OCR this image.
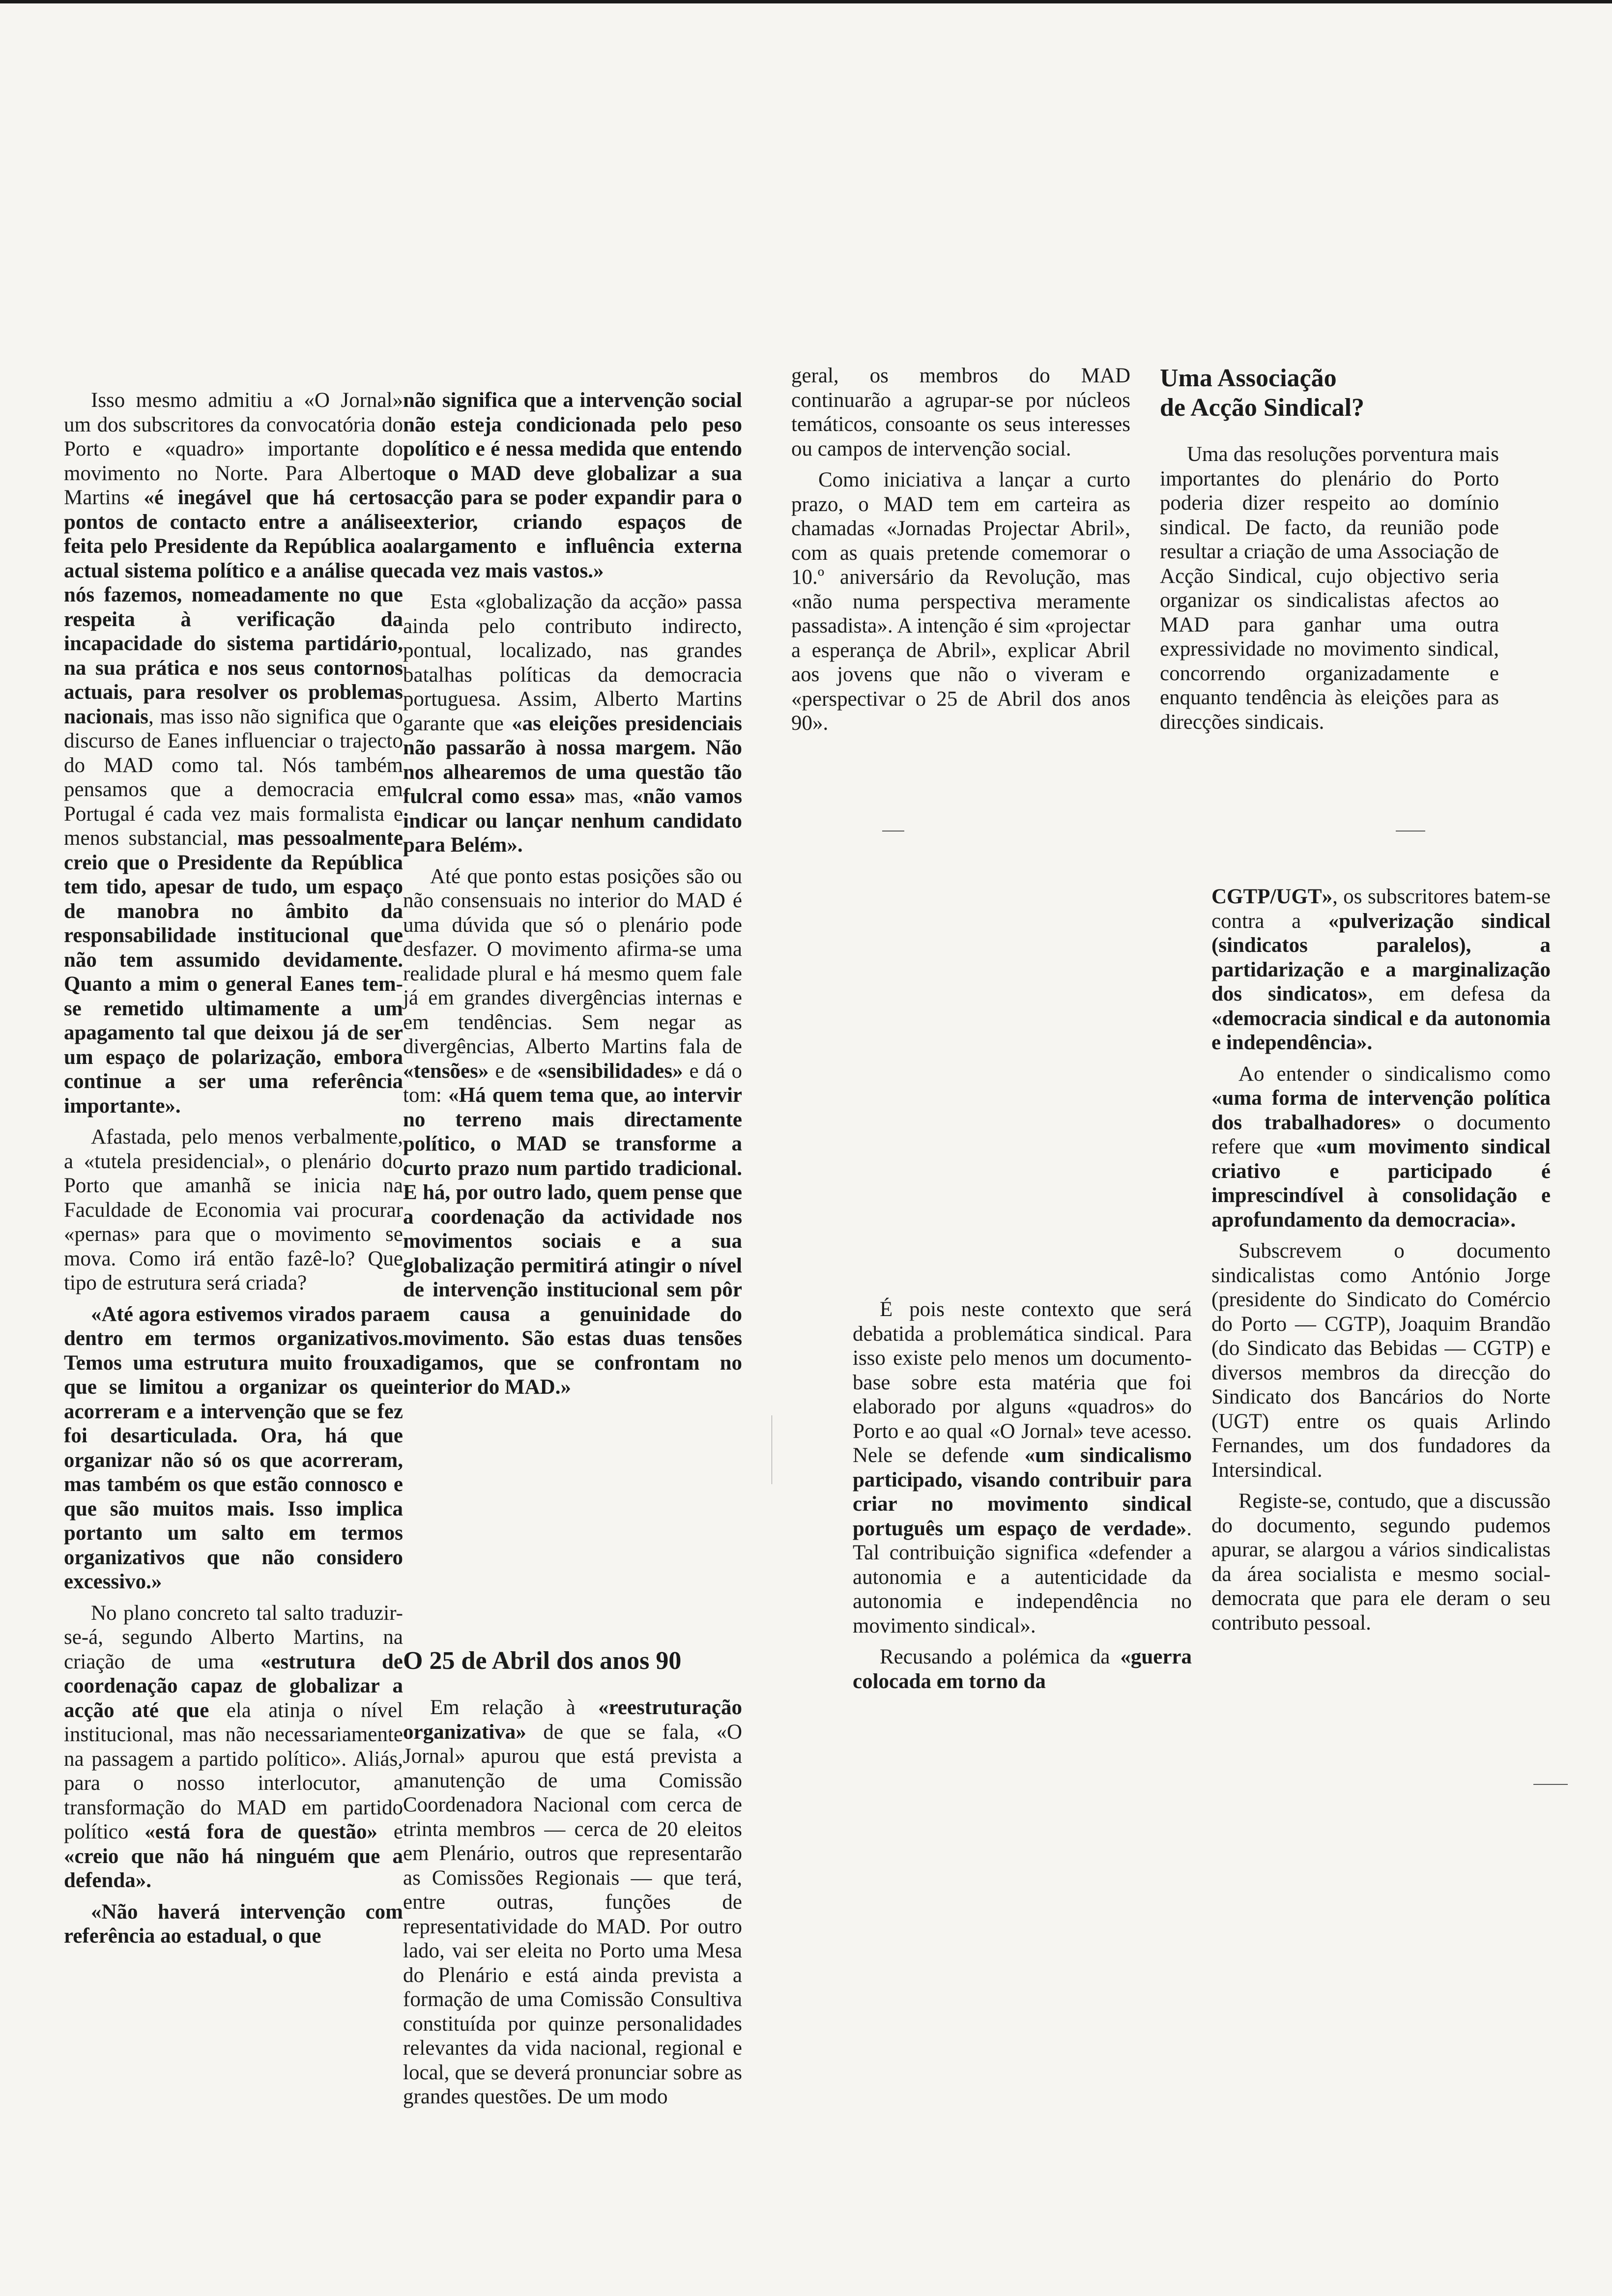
Isso mesmo admitiu a «O Jornal» um dos subscritores da convocatória do Porto e «quadro» importante do movimento no Norte. Para Alberto Martins «é inegável que há certos pontos de contacto entre a análise feita pelo Presidente da República ao actual sistema político e a análise que nós fazemos, nomeadamente no que respeita à verificação da incapacidade do sistema partidário, na sua prática e nos seus contornos actuais, para resolver os problemas nacionais, mas isso não significa que o discurso de Eanes influenciar o trajecto do MAD como tal. Nós também pensamos que a democracia em Portugal é cada vez mais formalista e menos substancial, mas pessoalmente creio que o Presidente da República tem tido, apesar de tudo, um espaço de manobra no âmbito da responsabilidade institucional que não tem assumido devidamente. Quanto a mim o general Eanes tem-se remetido ultimamente a um apagamento tal que deixou já de ser um espaço de polarização, embora continue a ser uma referência importante».

Afastada, pelo menos verbalmente, a «tutela presidencial», o plenário do Porto que amanhã se inicia na Faculdade de Economia vai procurar «pernas» para que o movimento se mova. Como irá então fazê-lo? Que tipo de estrutura será criada?

«Até agora estivemos virados para dentro em termos organizativos. Temos uma estrutura muito frouxa que se limitou a organizar os que acorreram e a intervenção que se fez foi desarticulada. Ora, há que organizar não só os que acorreram, mas também os que estão connosco e que são muitos mais. Isso implica portanto um salto em termos organizativos que não considero excessivo.»

No plano concreto tal salto traduzir-se-á, segundo Alberto Martins, na criação de uma «estrutura de coordenação capaz de globalizar a acção até que ela atinja o nível institucional, mas não necessariamente na passagem a partido político». Aliás, para o nosso interlocutor, a transformação do MAD em partido político «está fora de questão» e «creio que não há ninguém que a defenda».

«Não haverá intervenção com referência ao estadual, o que

não significa que a intervenção social não esteja condicionada pelo peso político e é nessa medida que entendo que o MAD deve globalizar a sua acção para se poder expandir para o exterior, criando espaços de alargamento e influência externa cada vez mais vastos.»

Esta «globalização da acção» passa ainda pelo contributo indirecto, pontual, localizado, nas grandes batalhas políticas da democracia portuguesa. Assim, Alberto Martins garante que «as eleições presidenciais não passarão à nossa margem. Não nos alhearemos de uma questão tão fulcral como essa» mas, «não vamos indicar ou lançar nenhum candidato para Belém».

Até que ponto estas posições são ou não consensuais no interior do MAD é uma dúvida que só o plenário pode desfazer. O movimento afirma-se uma realidade plural e há mesmo quem fale já em grandes divergências internas e em tendências. Sem negar as divergências, Alberto Martins fala de «tensões» e de «sensibilidades» e dá o tom: «Há quem tema que, ao intervir no terreno mais directamente político, o MAD se transforme a curto prazo num partido tradicional. E há, por outro lado, quem pense que a coordenação da actividade nos movimentos sociais e a sua globalização permitirá atingir o nível de intervenção institucional sem pôr em causa a genuinidade do movimento. São estas duas tensões digamos, que se confrontam no interior do MAD.»

O 25 de Abril dos anos 90

Em relação à «reestruturação organizativa» de que se fala, «O Jornal» apurou que está prevista a manutenção de uma Comissão Coordenadora Nacional com cerca de trinta membros — cerca de 20 eleitos em Plenário, outros que representarão as Comissões Regionais — que terá, entre outras, funções de representatividade do MAD. Por outro lado, vai ser eleita no Porto uma Mesa do Plenário e está ainda prevista a formação de uma Comissão Consultiva constituída por quinze personalidades relevantes da vida nacional, regional e local, que se deverá pronunciar sobre as grandes questões. De um modo

geral, os membros do MAD continuarão a agrupar-se por núcleos temáticos, consoante os seus interesses ou campos de intervenção social.

Como iniciativa a lançar a curto prazo, o MAD tem em carteira as chamadas «Jornadas Projectar Abril», com as quais pretende comemorar o 10.º aniversário da Revolução, mas «não numa perspectiva meramente passadista». A intenção é sim «projectar a esperança de Abril», explicar Abril aos jovens que não o viveram e «perspectivar o 25 de Abril dos anos 90».

É pois neste contexto que será debatida a problemática sindical. Para isso existe pelo menos um documento-base sobre esta matéria que foi elaborado por alguns «quadros» do Porto e ao qual «O Jornal» teve acesso. Nele se defende «um sindicalismo participado, visando contribuir para criar no movimento sindical português um espaço de verdade». Tal contribuição significa «defender a autonomia e a autenticidade da autonomia e independência no movimento sindical».

Recusando a polémica da «guerra colocada em torno da

Uma Associação
de Acção Sindical?

Uma das resoluções porventura mais importantes do plenário do Porto poderia dizer respeito ao domínio sindical. De facto, da reunião pode resultar a criação de uma Associação de Acção Sindical, cujo objectivo seria organizar os sindicalistas afectos ao MAD para ganhar uma outra expressividade no movimento sindical, concorrendo organizadamente e enquanto tendência às eleições para as direcções sindicais.

CGTP/UGT», os subscritores batem-se contra a «pulverização sindical (sindicatos paralelos), a partidarização e a marginalização dos sindicatos», em defesa da «democracia sindical e da autonomia e independência».

Ao entender o sindicalismo como «uma forma de intervenção política dos trabalhadores» o documento refere que «um movimento sindical criativo e participado é imprescindível à consolidação e aprofundamento da democracia».

Subscrevem o documento sindicalistas como António Jorge (presidente do Sindicato do Comércio do Porto — CGTP), Joaquim Brandão (do Sindicato das Bebidas — CGTP) e diversos membros da direcção do Sindicato dos Bancários do Norte (UGT) entre os quais Arlindo Fernandes, um dos fundadores da Intersindical.

Registe-se, contudo, que a discussão do documento, segundo pudemos apurar, se alargou a vários sindicalistas da área socialista e mesmo social-democrata que para ele deram o seu contributo pessoal.
